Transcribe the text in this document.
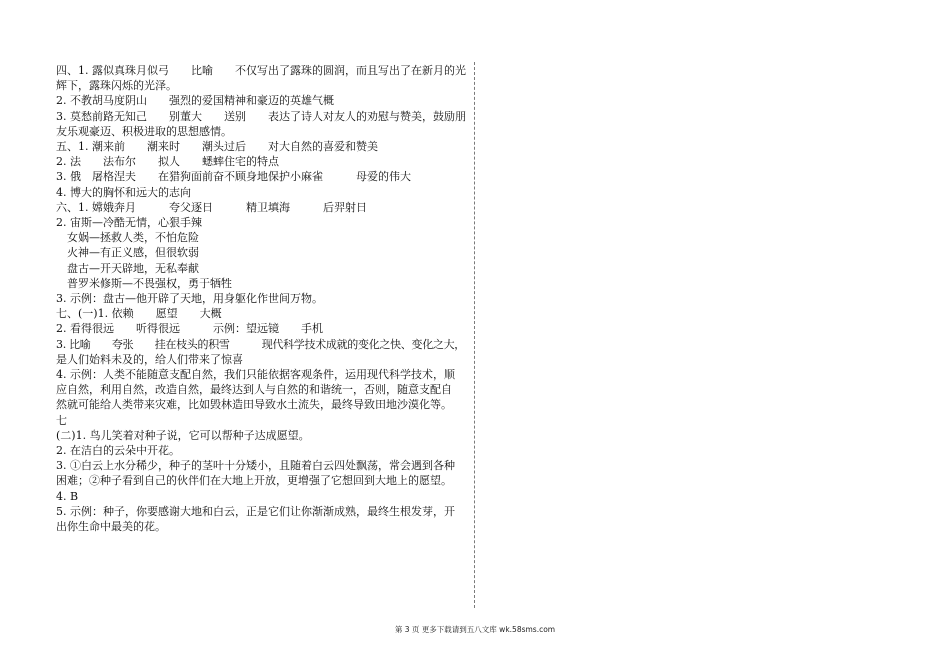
四、1. 露似真珠月似弓　　比喻　　不仅写出了露珠的圆润，而且写出了在新月的光
辉下，露珠闪烁的光泽。
2. 不教胡马度阴山　　强烈的爱国精神和豪迈的英雄气概
3. 莫愁前路无知己　　别董大　　送别　　表达了诗人对友人的劝慰与赞美，鼓励朋
友乐观豪迈、积极进取的思想感情。
五、1. 潮来前　　潮来时　　潮头过后　　对大自然的喜爱和赞美
2. 法　　法布尔　　拟人　　蟋蟀住宅的特点
3. 俄　屠格涅夫　　在猎狗面前奋不顾身地保护小麻雀　　　母爱的伟大
4. 博大的胸怀和远大的志向
六、1. 嫦娥奔月　　　夸父逐日　　　精卫填海　　　后羿射日
2. 宙斯—冷酷无情，心狠手辣
　女娲—拯救人类，不怕危险
　火神—有正义感，但很软弱
　盘古—开天辟地，无私奉献
　普罗米修斯—不畏强权，勇于牺牲
3. 示例：盘古—他开辟了天地，用身躯化作世间万物。
七、(一)1. 依赖　　愿望　　大概
2. 看得很远　　听得很远　　　示例：望远镜　　手机
3. 比喻　　夸张　　挂在枝头的积雪　　　现代科学技术成就的变化之快、变化之大，
是人们始料未及的，给人们带来了惊喜
4. 示例：人类不能随意支配自然，我们只能依据客观条件，运用现代科学技术，顺
应自然，利用自然，改造自然，最终达到人与自然的和谐统一，否则，随意支配自
然就可能给人类带来灾难，比如毁林造田导致水土流失，最终导致田地沙漠化等。
七
(二)1. 鸟儿笑着对种子说，它可以帮种子达成愿望。
2. 在洁白的云朵中开花。
3. ①白云上水分稀少，种子的茎叶十分矮小，且随着白云四处飘荡，常会遇到各种
困难；②种子看到自己的伙伴们在大地上开放，更增强了它想回到大地上的愿望。
4. B
5. 示例：种子，你要感谢大地和白云，正是它们让你渐渐成熟，最终生根发芽，开
出你生命中最美的花。
第 3 页 更多下载请到五八文库 wk.58sms.com
